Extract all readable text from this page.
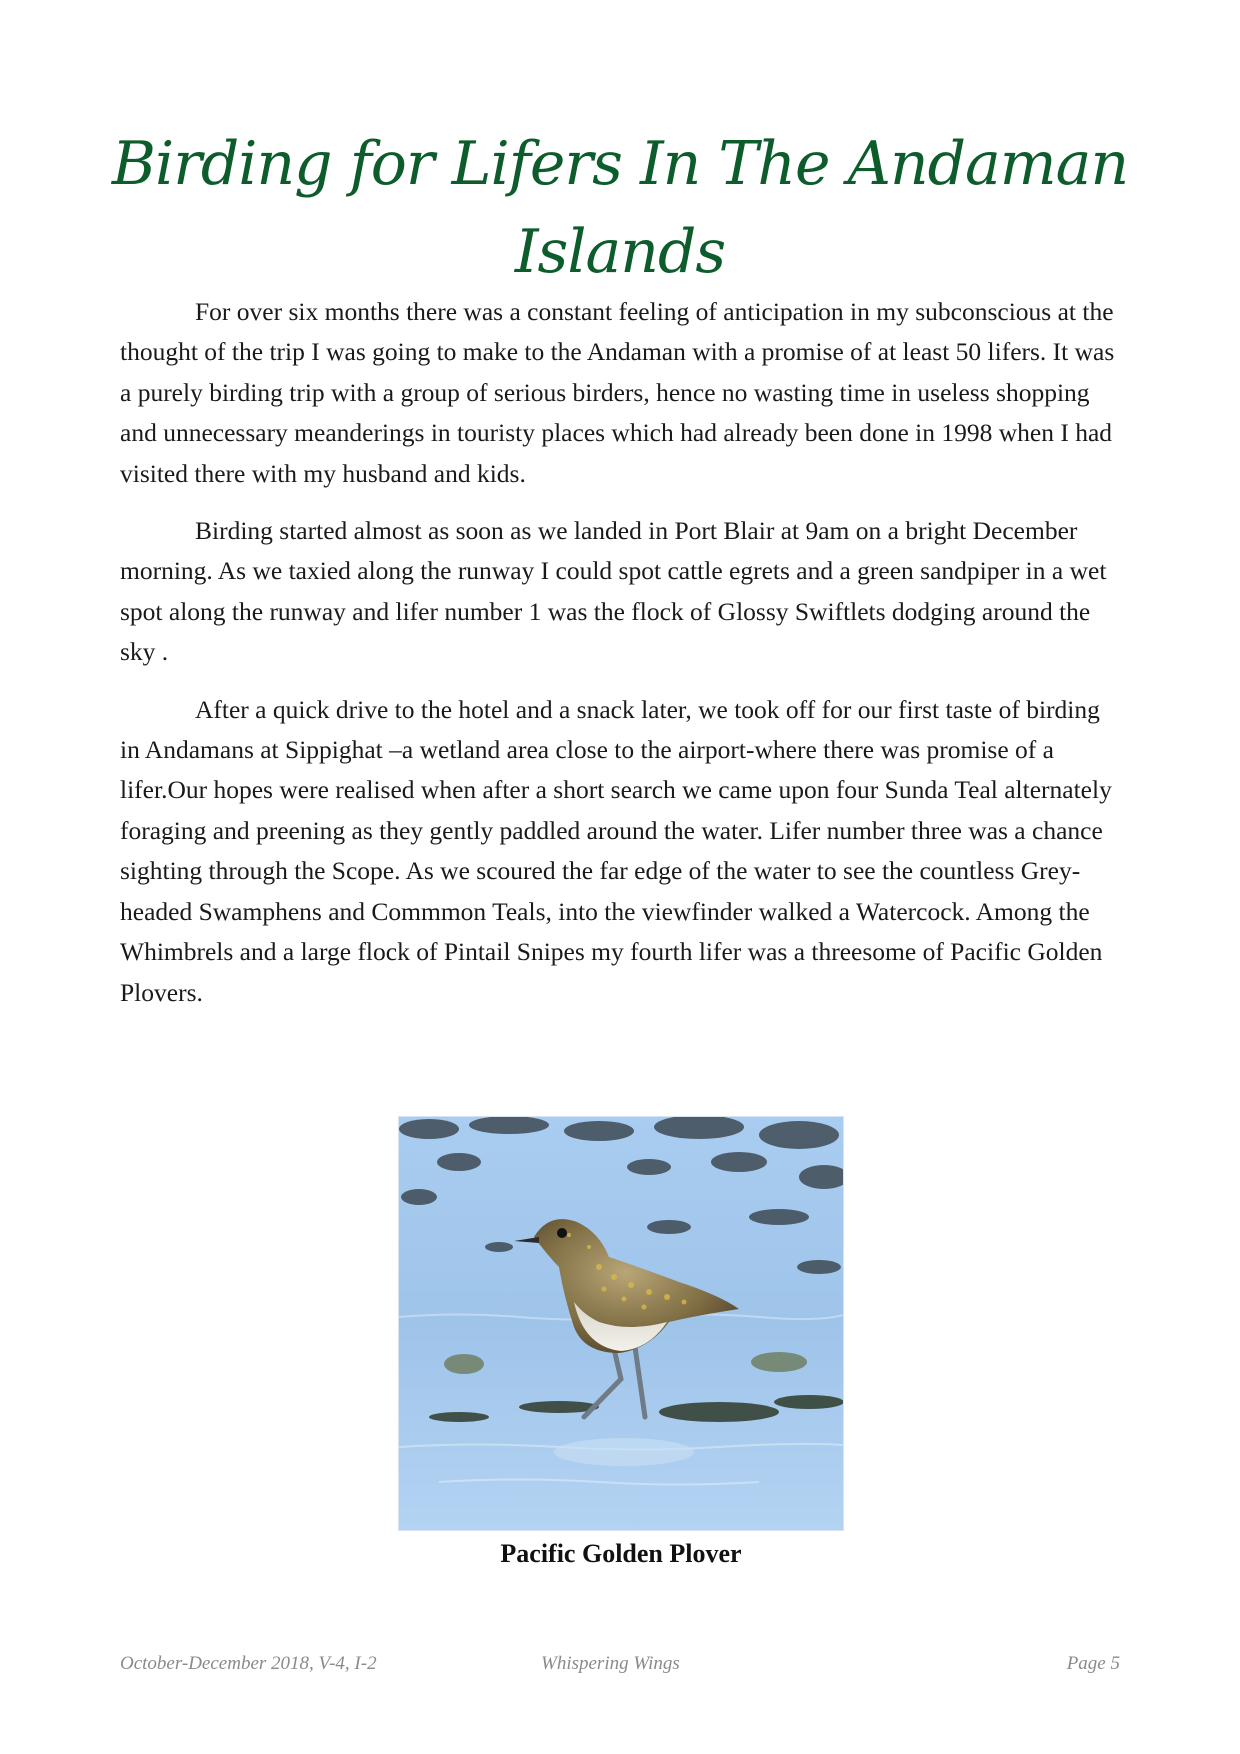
Birding for Lifers In The Andaman Islands

For over six months there was a constant feeling of anticipation in my subconscious at the thought of the trip I was going to make to the Andaman with a promise of at least 50 lifers. It was a purely birding trip with a group of serious birders, hence no wasting time in useless shopping and unnecessary meanderings in touristy places which had already been done in 1998 when I had visited there with my husband and kids.

Birding started almost as soon as we landed in Port Blair at 9am on a bright December morning. As we taxied along the runway I could spot cattle egrets and a green sandpiper in a wet spot along the runway and lifer number 1 was the flock of Glossy Swiftlets dodging around the sky .

After a quick drive to the hotel and a snack later, we took off for our first taste of birding in Andamans at Sippighat –a wetland area close to the airport-where there was promise of a lifer.Our hopes were realised when after a short search we came upon four Sunda Teal alternately foraging and preening as they gently paddled around the water. Lifer number three was a chance sighting through the Scope. As we scoured the far edge of the water to see the countless Grey-headed Swamphens and Commmon Teals, into the viewfinder walked a Watercock. Among the Whimbrels and a large flock of Pintail Snipes my fourth lifer was a threesome of Pacific Golden Plovers.

Pacific Golden Plover
October-December 2018, V-4, I-2	Whispering Wings	Page 5
